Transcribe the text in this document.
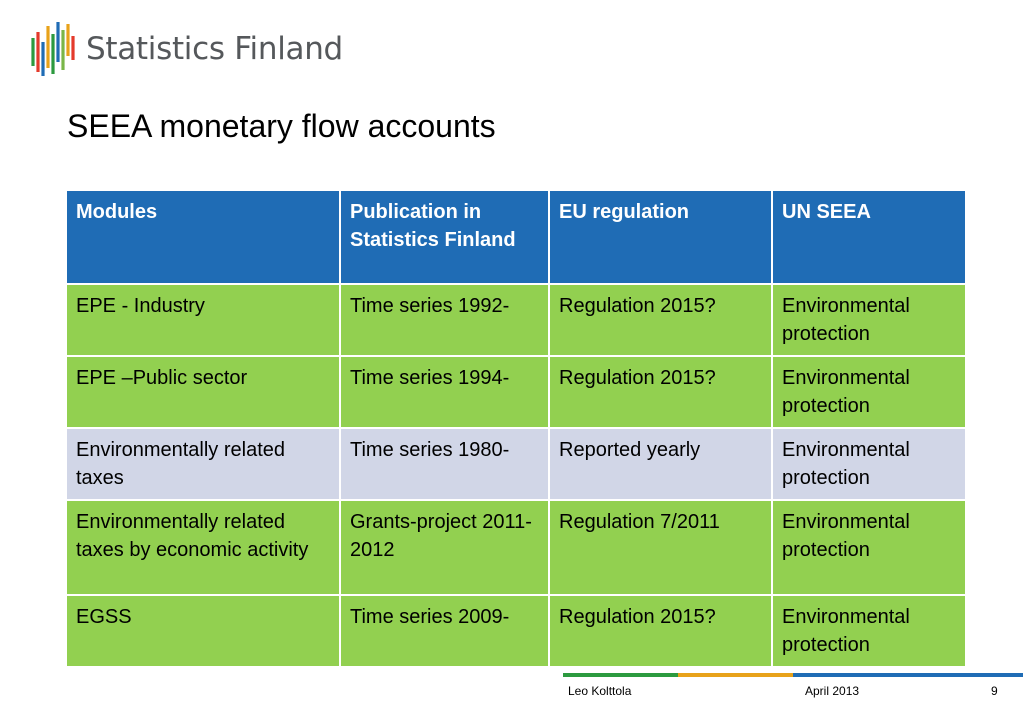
Statistics Finland
SEEA monetary flow accounts
Modules	Publication in Statistics Finland	EU regulation	UN SEEA
EPE - Industry	Time series 1992-	Regulation 2015?	Environmental protection
EPE –Public sector	Time series 1994-	Regulation 2015?	Environmental protection
Environmentally related taxes	Time series 1980-	Reported yearly	Environmental protection
Environmentally related taxes by economic activity	Grants-project 2011-2012	Regulation 7/2011	Environmental protection
EGSS	Time series 2009-	Regulation 2015?	Environmental protection
Leo Kolttola	April 2013	9
